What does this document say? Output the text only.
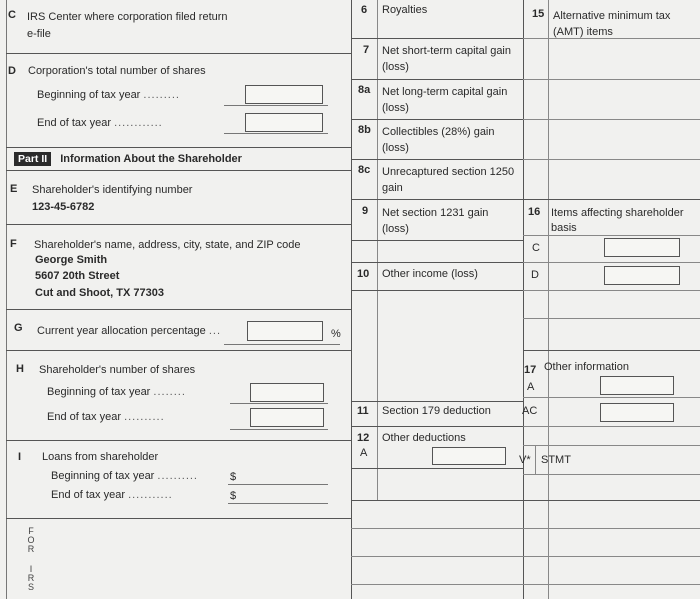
C IRS Center where corporation filed return
e-file
D Corporation's total number of shares
Beginning of tax year .........
End of tax year ............
Part II Information About the Shareholder
E Shareholder's identifying number
123-45-6782
F Shareholder's name, address, city, state, and ZIP code
George Smith
5607 20th Street
Cut and Shoot, TX 77303
G Current year allocation percentage ...	%
H Shareholder's number of shares
Beginning of tax year ........
End of tax year ..........
I Loans from shareholder
Beginning of tax year ..........	$
End of tax year ...........	$
F
O
R
I
R
S
6 Royalties
7 Net short-term capital gain (loss)
8a Net long-term capital gain (loss)
8b Collectibles (28%) gain (loss)
8c Unrecaptured section 1250 gain
9 Net section 1231 gain (loss)
10 Other income (loss)
11 Section 179 deduction
12 Other deductions
A
15 Alternative minimum tax (AMT) items
16 Items affecting shareholder basis
C
D
17 Other information
A
AC
V* STMT
